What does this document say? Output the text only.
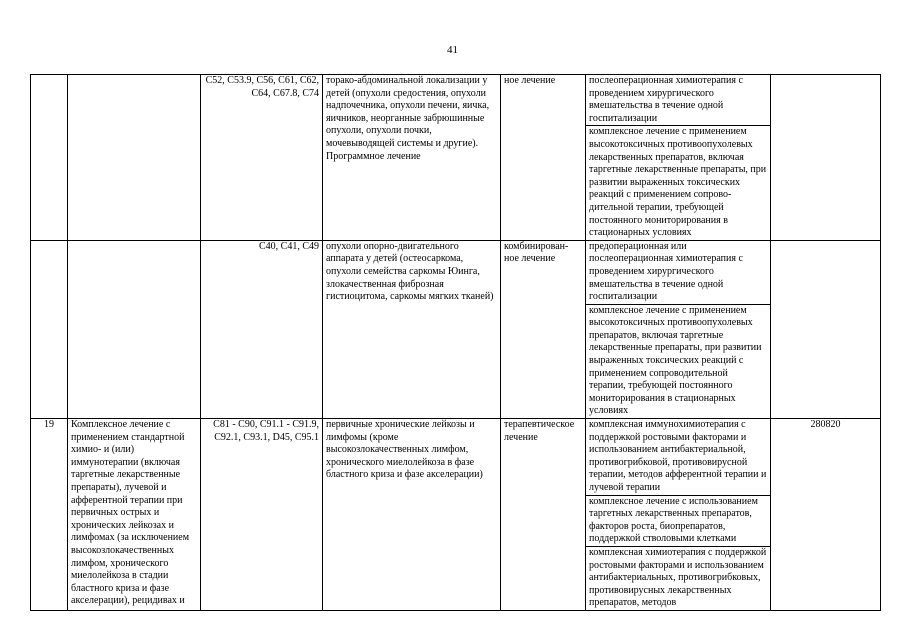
41
		C52, C53.9, C56, C61, C62, C64, C67.8, C74	торако-абдоминальной локализации у детей (опухоли средостения, опухоли надпочечника, опухоли печени, яичка, яичников, неорганные забрюшинные опухоли, опухоли почки, мочевыводящей системы и другие). Программное лечение	ное лечение	послеоперационная химиотерапия с проведением хирургического вмешательства в течение одной госпитализации	
					комплексное лечение с применением высокотоксичных противоопухолевых лекарственных препаратов, включая таргетные лекарственные препараты, при развитии выраженных токсических реакций с применением сопрово-дительной терапии, требующей постоянного мониторирования в стационарных условиях	
		C40, C41, C49	опухоли опорно-двигательного аппарата у детей (остеосаркома, опухоли семейства саркомы Юинга, злокачественная фиброзная гистиоцитома, саркомы мягких тканей)	комбинирован-ное лечение	предоперационная или послеоперационная химиотерапия с проведением хирургического вмешательства в течение одной госпитализации	
					комплексное лечение с применением высокотоксичных противоопухолевых препаратов, включая таргетные лекарственные препараты, при развитии выраженных токсических реакций с применением сопроводительной терапии, требующей постоянного мониторирования в стационарных условиях	
19	Комплексное лечение с применением стандартной химио- и (или) иммунотерапии (включая таргетные лекарственные препараты), лучевой и афферентной терапии при первичных острых и хронических лейкозах и лимфомах (за исключением высокозлокачественных лимфом, хронического миелолейкоза в стадии бластного криза и фазе акселерации), рецидивах и	C81 - C90, C91.1 - C91.9, C92.1, C93.1, D45, C95.1	первичные хронические лейкозы и лимфомы (кроме высокозлокачественных лимфом, хронического миелолейкоза в фазе бластного криза и фазе акселерации)	терапевтическое лечение	комплексная иммунохимиотерапия с поддержкой ростовыми факторами и использованием антибактериальной, противогрибковой, противовирусной терапии, методов афферентной терапии и лучевой терапии	280820
					комплексное лечение с использованием таргетных лекарственных препаратов, факторов роста, биопрепаратов, поддержкой стволовыми клетками	
					комплексная химиотерапия с поддержкой ростовыми факторами и использованием антибактериальных, противогрибковых, противовирусных лекарственных препаратов, методов	
